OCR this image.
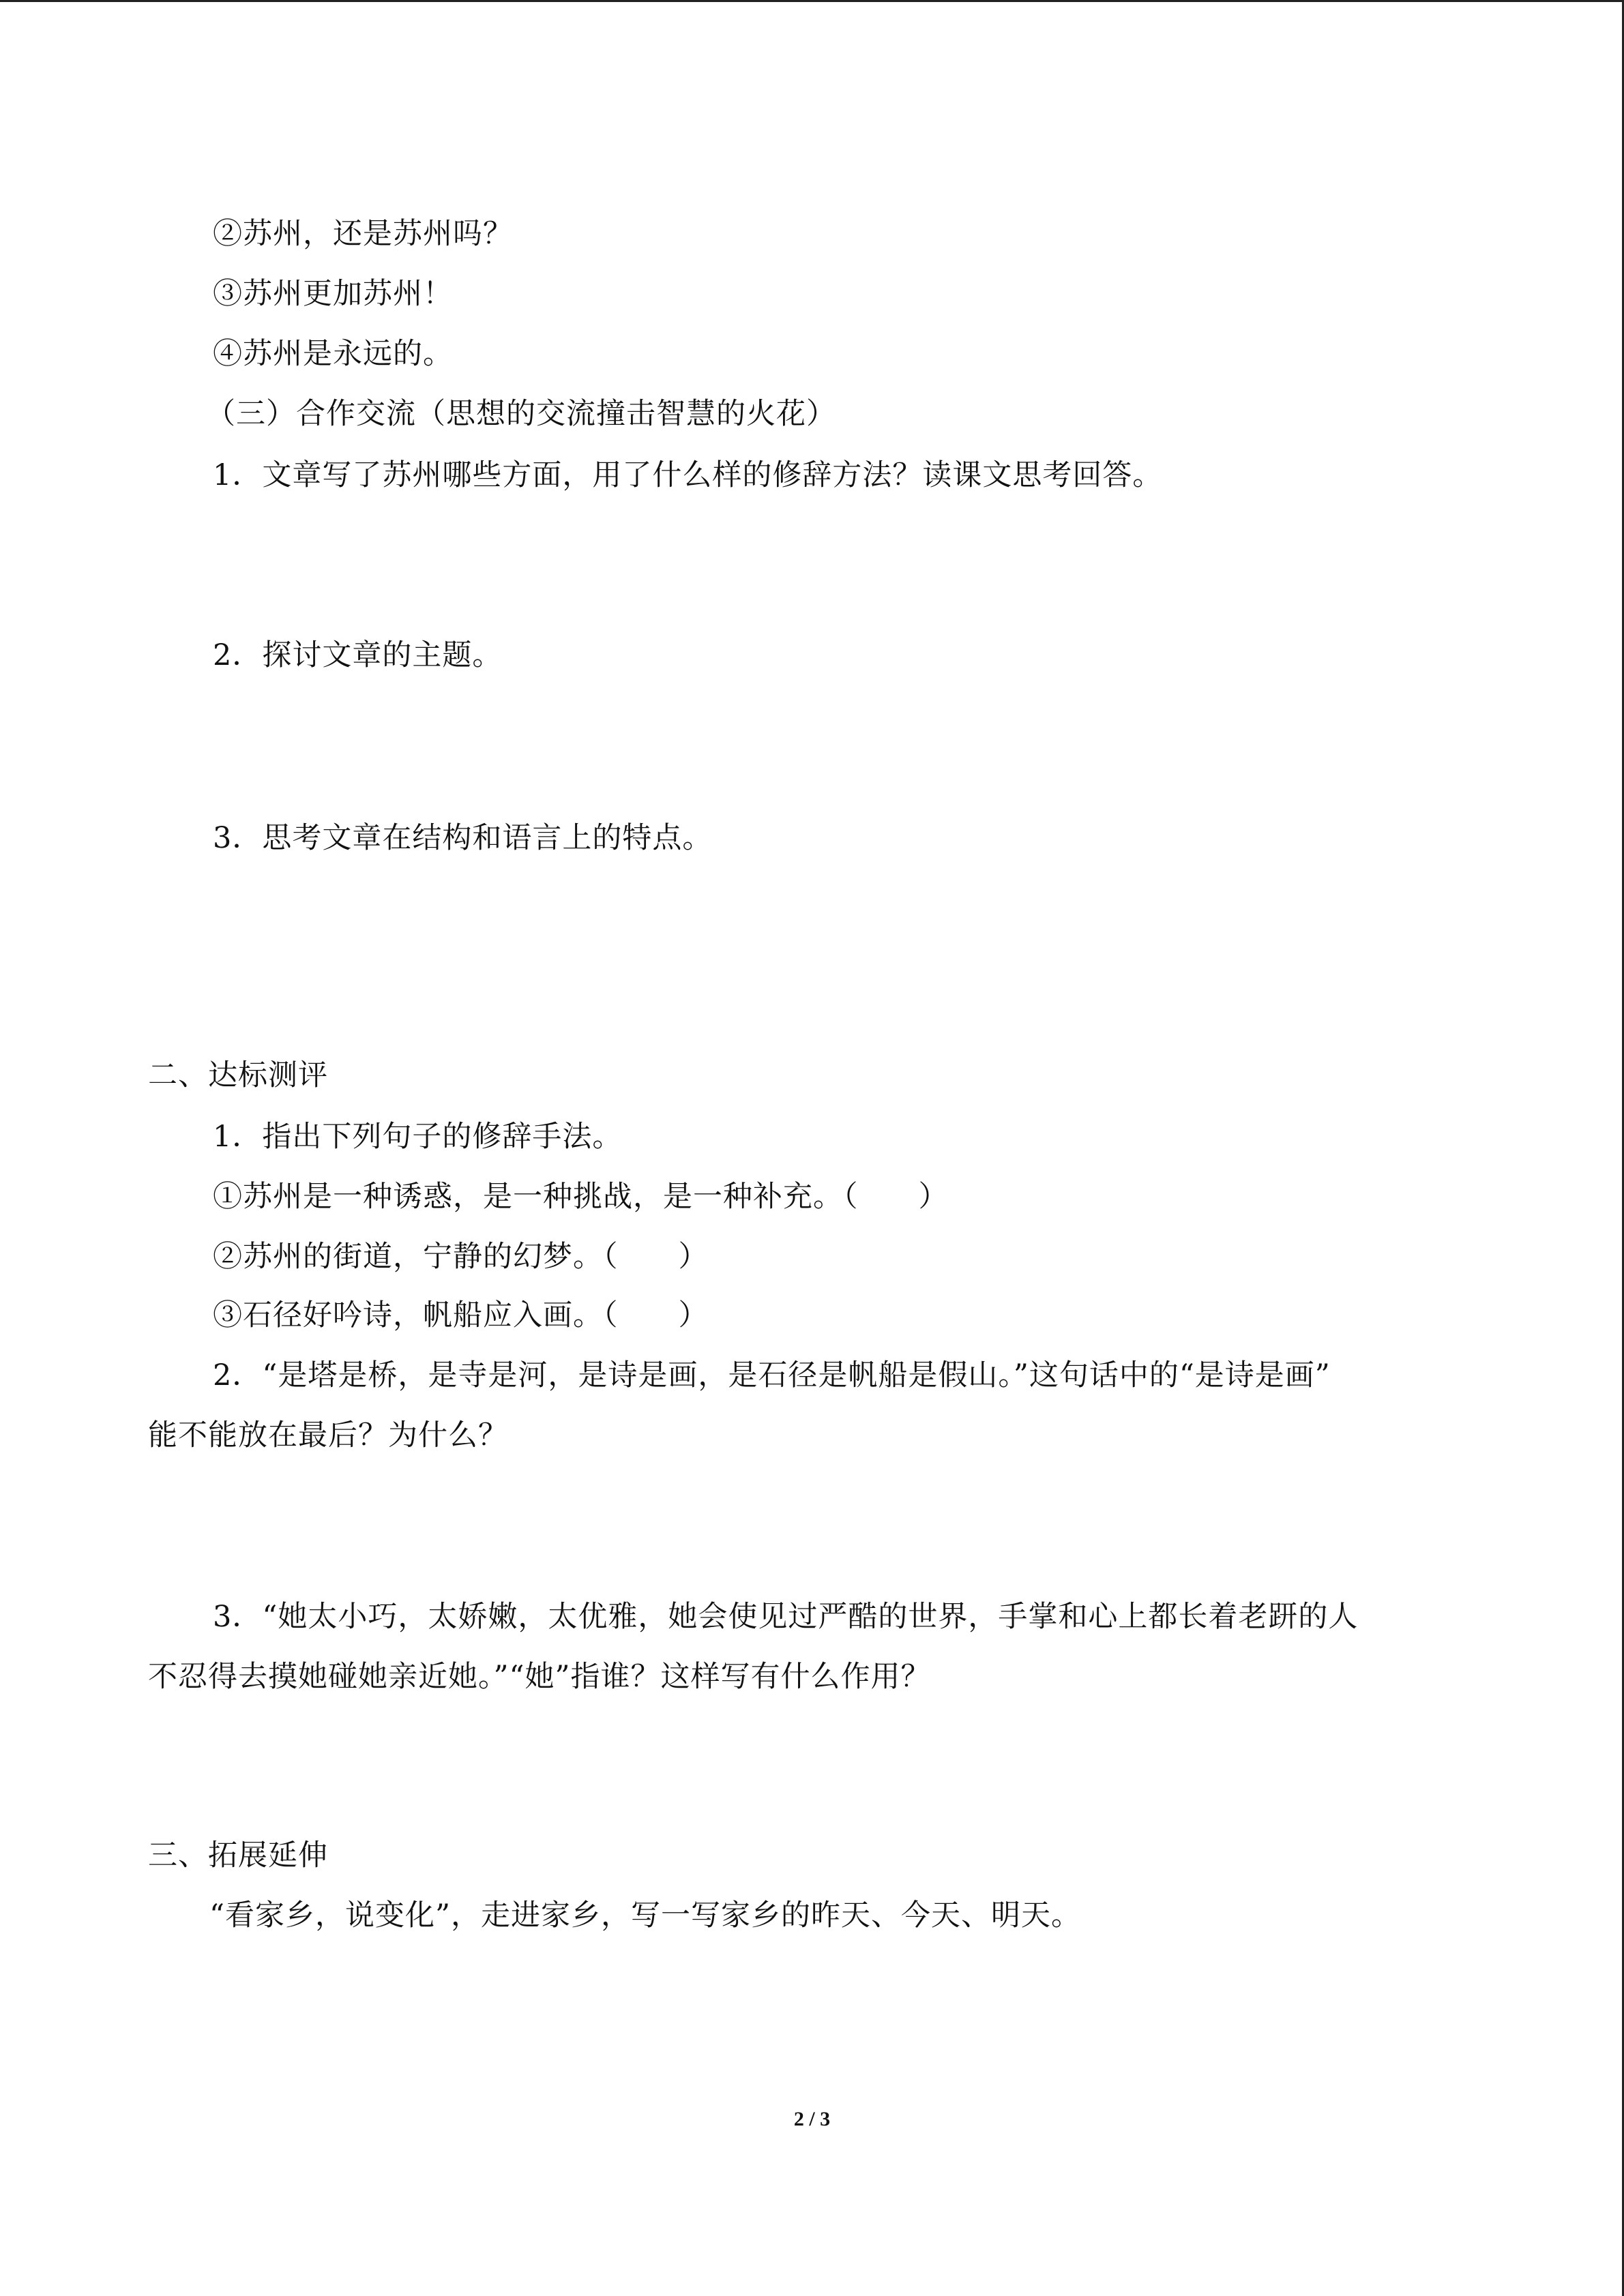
②苏州，还是苏州吗？
③苏州更加苏州！
④苏州是永远的。
（三）合作交流（思想的交流撞击智慧的火花）
1．文章写了苏州哪些方面，用了什么样的修辞方法？读课文思考回答。
2．探讨文章的主题。
3．思考文章在结构和语言上的特点。
二、达标测评
1．指出下列句子的修辞手法。
①苏州是一种诱惑，是一种挑战，是一种补充。（　　）
②苏州的街道，宁静的幻梦。（　　）
③石径好吟诗，帆船应入画。（　　）
2．“是塔是桥，是寺是河，是诗是画，是石径是帆船是假山。”这句话中的“是诗是画”
能不能放在最后？为什么？
3．“她太小巧，太娇嫩，太优雅，她会使见过严酷的世界，手掌和心上都长着老趼的人
不忍得去摸她碰她亲近她。”“她”指谁？这样写有什么作用？
三、拓展延伸
“看家乡，说变化”，走进家乡，写一写家乡的昨天、今天、明天。
2 / 3
